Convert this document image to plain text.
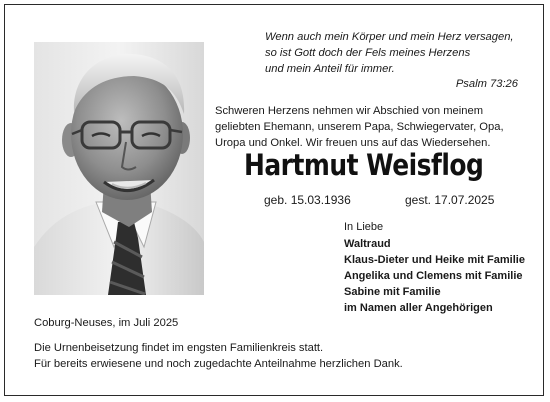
Wenn auch mein Körper und mein Herz versagen,
so ist Gott doch der Fels meines Herzens
und mein Anteil für immer.
Psalm 73:26
Schweren Herzens nehmen wir Abschied von meinem
geliebten Ehemann, unserem Papa, Schwiegervater, Opa,
Uropa und Onkel. Wir freuen uns auf das Wiedersehen.
Hartmut Weisflog
geb. 15.03.1936	gest. 17.07.2025
In Liebe
Waltraud
Klaus-Dieter und Heike mit Familie
Angelika und Clemens mit Familie
Sabine mit Familie
im Namen aller Angehörigen
Coburg-Neuses, im Juli 2025
Die Urnenbeisetzung findet im engsten Familienkreis statt.
Für bereits erwiesene und noch zugedachte Anteilnahme herzlichen Dank.
